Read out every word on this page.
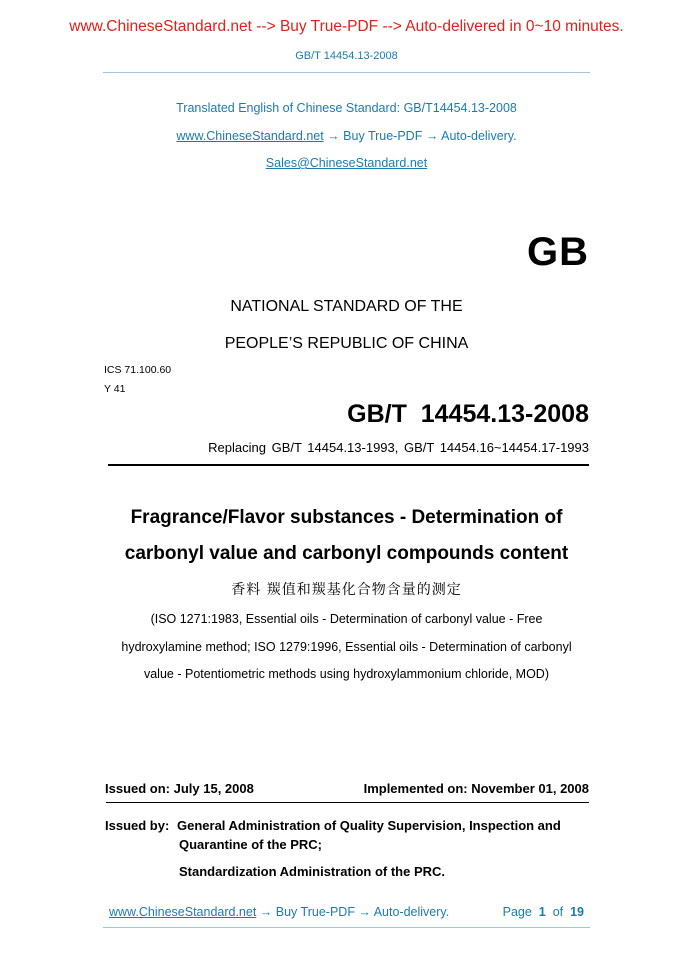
www.ChineseStandard.net --> Buy True-PDF --> Auto-delivered in 0~10 minutes.
GB/T 14454.13-2008
Translated English of Chinese Standard: GB/T14454.13-2008
www.ChineseStandard.net → Buy True-PDF → Auto-delivery.
Sales@ChineseStandard.net
GB
NATIONAL STANDARD OF THE
PEOPLE’S REPUBLIC OF CHINA
ICS 71.100.60
Y 41
GB/T  14454.13-2008
Replacing GB/T 14454.13-1993, GB/T 14454.16~14454.17-1993
Fragrance/Flavor substances - Determination of
carbonyl value and carbonyl compounds content
香料 羰值和羰基化合物含量的测定
(ISO 1271:1983, Essential oils - Determination of carbonyl value - Free
hydroxylamine method; ISO 1279:1996, Essential oils - Determination of carbonyl
value - Potentiometric methods using hydroxylammonium chloride, MOD)
Issued on: July 15, 2008	Implemented on: November 01, 2008
Issued by: General Administration of Quality Supervision, Inspection and
Quarantine of the PRC;
Standardization Administration of the PRC.
www.ChineseStandard.net → Buy True-PDF → Auto-delivery.	Page 1 of 19
